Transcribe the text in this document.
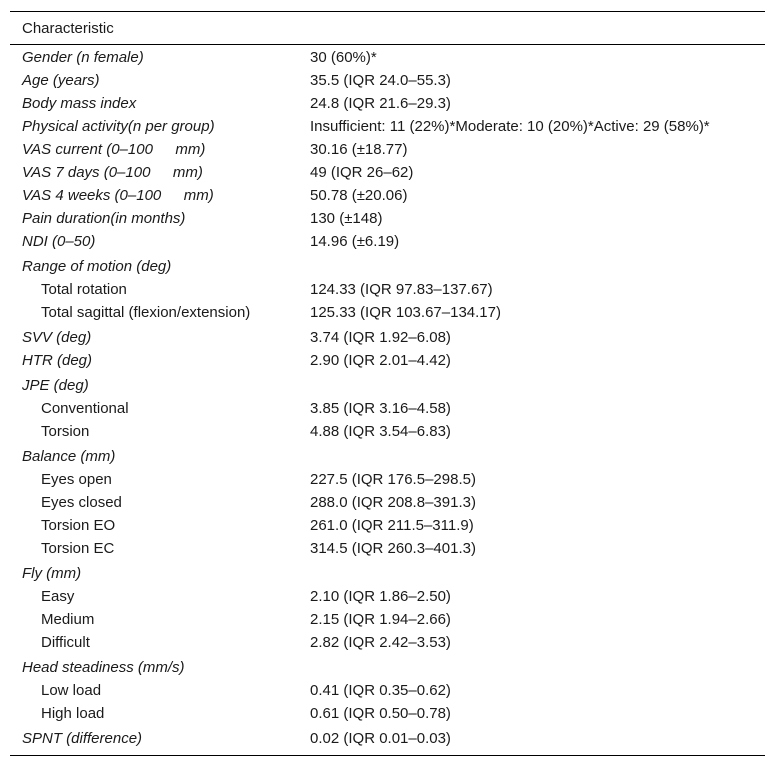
Characteristic
Gender (n female)	30 (60%)*
Age (years)	35.5 (IQR 24.0–55.3)
Body mass index	24.8 (IQR 21.6–29.3)
Physical activity(n per group)	Insufficient: 11 (22%)*Moderate: 10 (20%)*Active: 29 (58%)*
VAS current (0–100  mm)	30.16 (±18.77)
VAS 7 days (0–100  mm)	49 (IQR 26–62)
VAS 4 weeks (0–100  mm)	50.78 (±20.06)
Pain duration(in months)	130 (±148)
NDI (0–50)	14.96 (±6.19)
Range of motion (deg)
Total rotation	124.33 (IQR 97.83–137.67)
Total sagittal (flexion/extension)	125.33 (IQR 103.67–134.17)
SVV (deg)	3.74 (IQR 1.92–6.08)
HTR (deg)	2.90 (IQR 2.01–4.42)
JPE (deg)
Conventional	3.85 (IQR 3.16–4.58)
Torsion	4.88 (IQR 3.54–6.83)
Balance (mm)
Eyes open	227.5 (IQR 176.5–298.5)
Eyes closed	288.0 (IQR 208.8–391.3)
Torsion EO	261.0 (IQR 211.5–311.9)
Torsion EC	314.5 (IQR 260.3–401.3)
Fly (mm)
Easy	2.10 (IQR 1.86–2.50)
Medium	2.15 (IQR 1.94–2.66)
Difficult	2.82 (IQR 2.42–3.53)
Head steadiness (mm/s)
Low load	0.41 (IQR 0.35–0.62)
High load	0.61 (IQR 0.50–0.78)
SPNT (difference)	0.02 (IQR 0.01–0.03)
